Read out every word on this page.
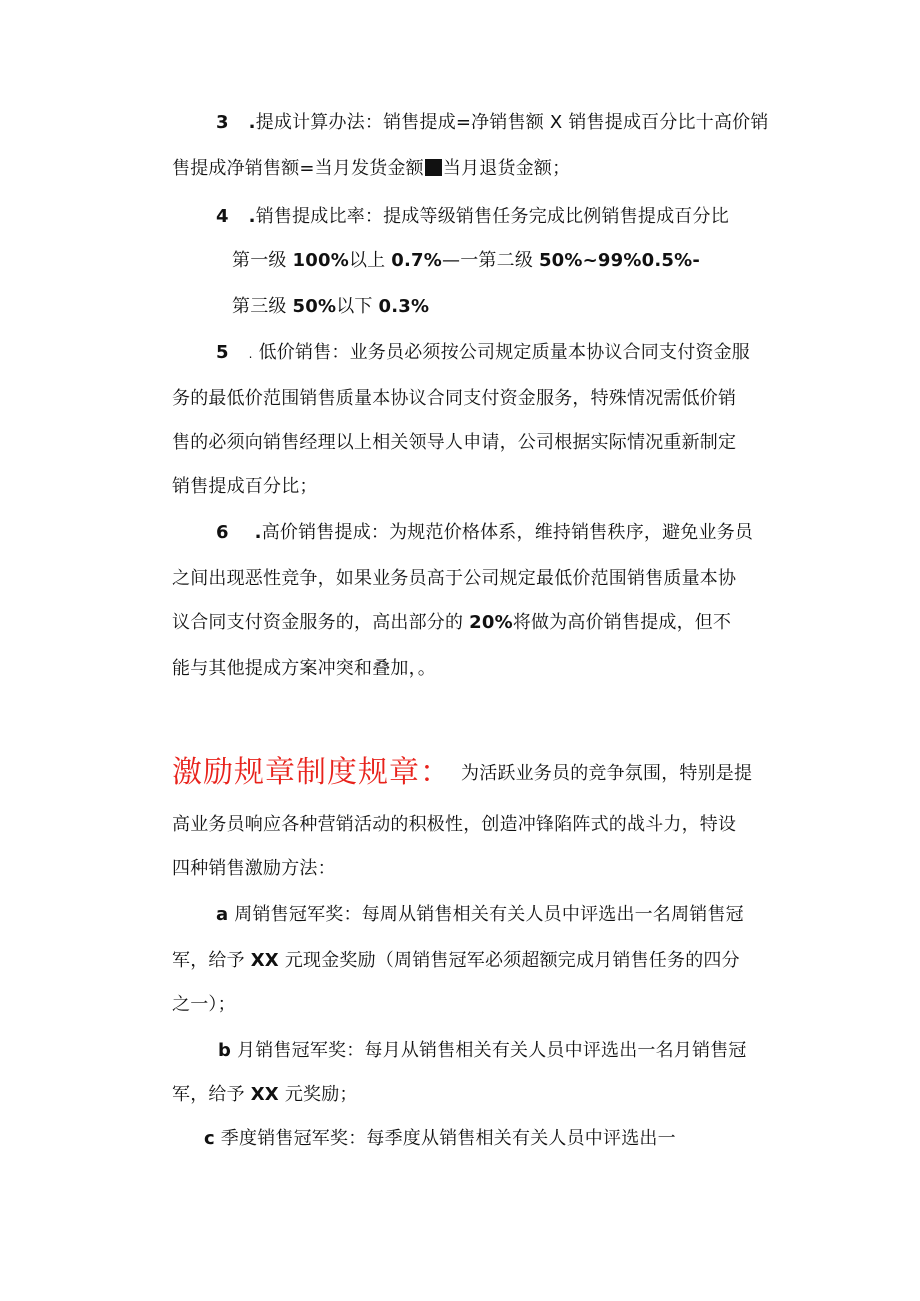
3 .提成计算办法：销售提成=净销售额 X 销售提成百分比十高价销
售提成净销售额=当月发货金额 当月退货金额；
4 .销售提成比率：提成等级销售任务完成比例销售提成百分比
第一级 100%以上 0.7%—一第二级 50%~99%0.5%-
第三级 50%以下 0.3%
5 . 低价销售：业务员必须按公司规定质量本协议合同支付资金服
务的最低价范围销售质量本协议合同支付资金服务，特殊情况需低价销
售的必须向销售经理以上相关领导人申请，公司根据实际情况重新制定
销售提成百分比；
6 .高价销售提成：为规范价格体系，维持销售秩序，避免业务员
之间出现恶性竞争，如果业务员高于公司规定最低价范围销售质量本协
议合同支付资金服务的，高出部分的 20%将做为高价销售提成，但不
能与其他提成方案冲突和叠加，。
激励规章制度规章： 为活跃业务员的竞争氛围，特别是提
高业务员响应各种营销活动的积极性，创造冲锋陷阵式的战斗力，特设
四种销售激励方法：
a 周销售冠军奖：每周从销售相关有关人员中评选出一名周销售冠
军，给予 XX 元现金奖励（周销售冠军必须超额完成月销售任务的四分
之一）；
b 月销售冠军奖：每月从销售相关有关人员中评选出一名月销售冠
军，给予 XX 元奖励；
c 季度销售冠军奖：每季度从销售相关有关人员中评选出一
